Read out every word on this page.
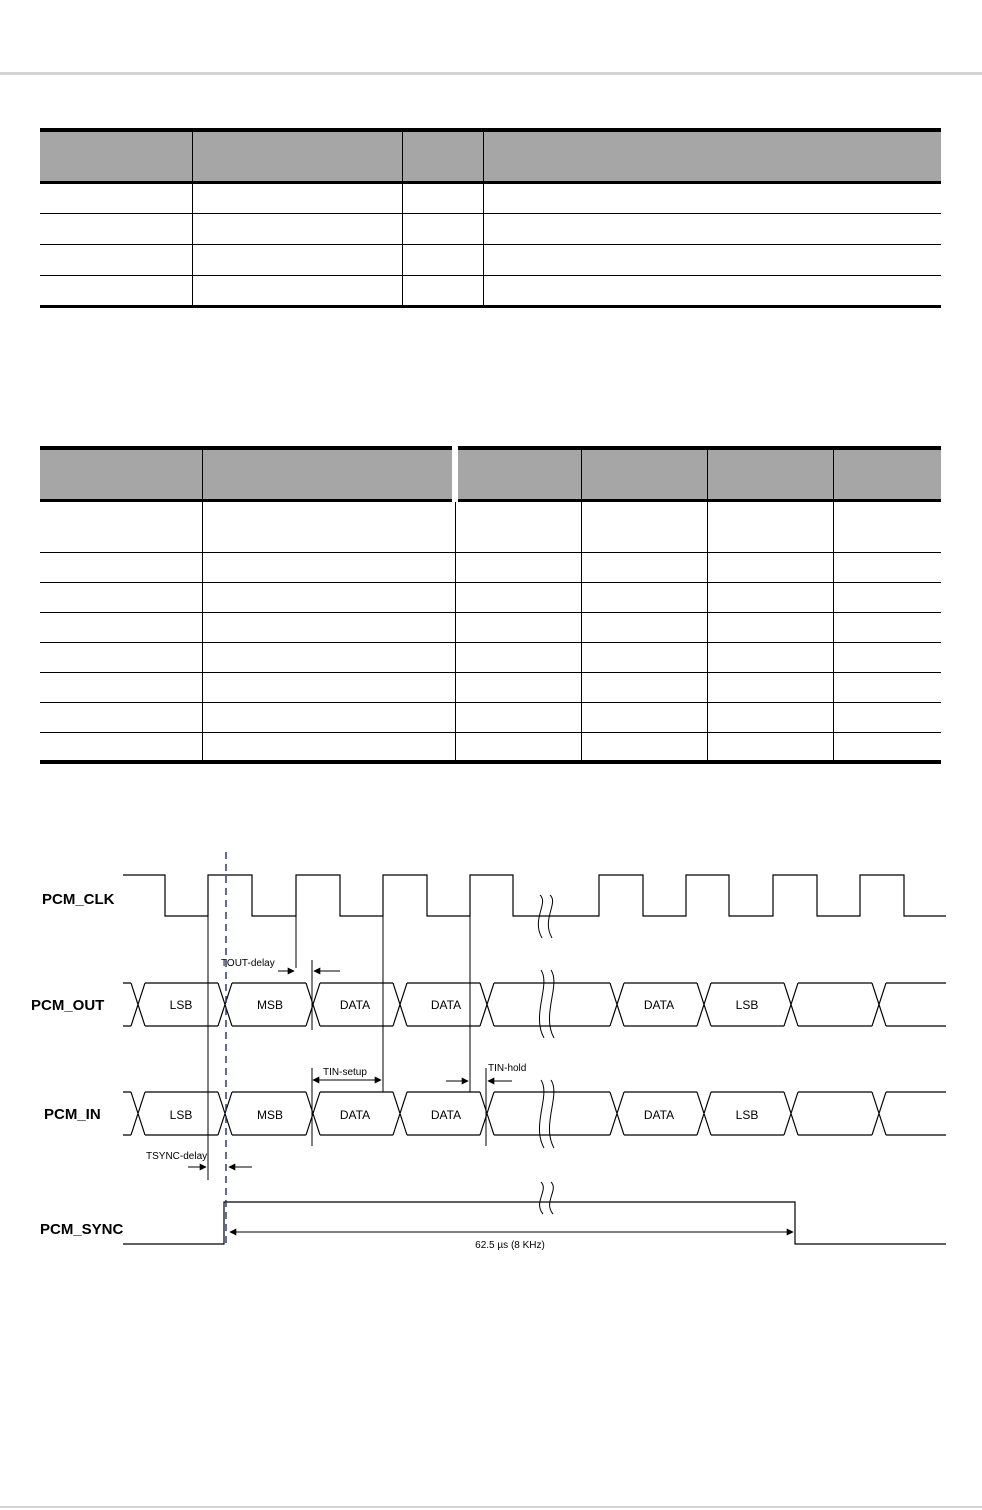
PCM_CLK
PCM_OUT
PCM_IN
PCM_SYNC
LSB	MSB	DATA	DATA	DATA	LSB
LSB	MSB	DATA	DATA	DATA	LSB
62.5 µs (8 KHz)
TOUT-delay
TIN-setup	TIN-hold
TSYNC-delay
